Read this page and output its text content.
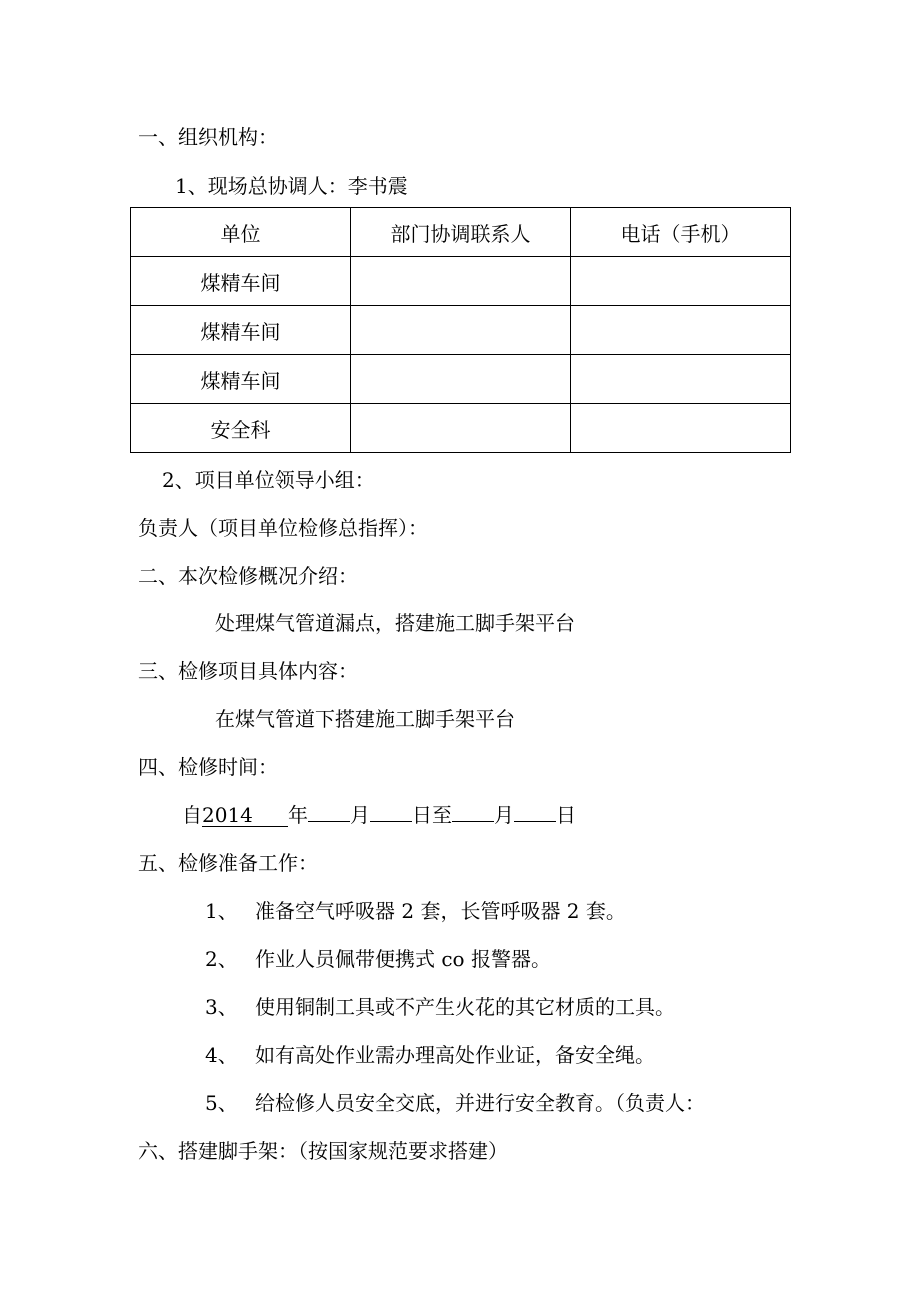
一、组织机构：
1、现场总协调人：李书震
单位	部门协调联系人	电话（手机）
煤精车间		
煤精车间		
煤精车间		
安全科		
2、项目单位领导小组：
负责人（项目单位检修总指挥）：
二、本次检修概况介绍：
处理煤气管道漏点，搭建施工脚手架平台
三、检修项目具体内容：
在煤气管道下搭建施工脚手架平台
四、检修时间：
自2014 年 月 日至 月 日
五、检修准备工作：
1、 准备空气呼吸器 2 套，长管呼吸器 2 套。
2、 作业人员佩带便携式 co 报警器。
3、 使用铜制工具或不产生火花的其它材质的工具。
4、 如有高处作业需办理高处作业证，备安全绳。
5、 给检修人员安全交底，并进行安全教育。（负责人：
六、搭建脚手架：（按国家规范要求搭建）
